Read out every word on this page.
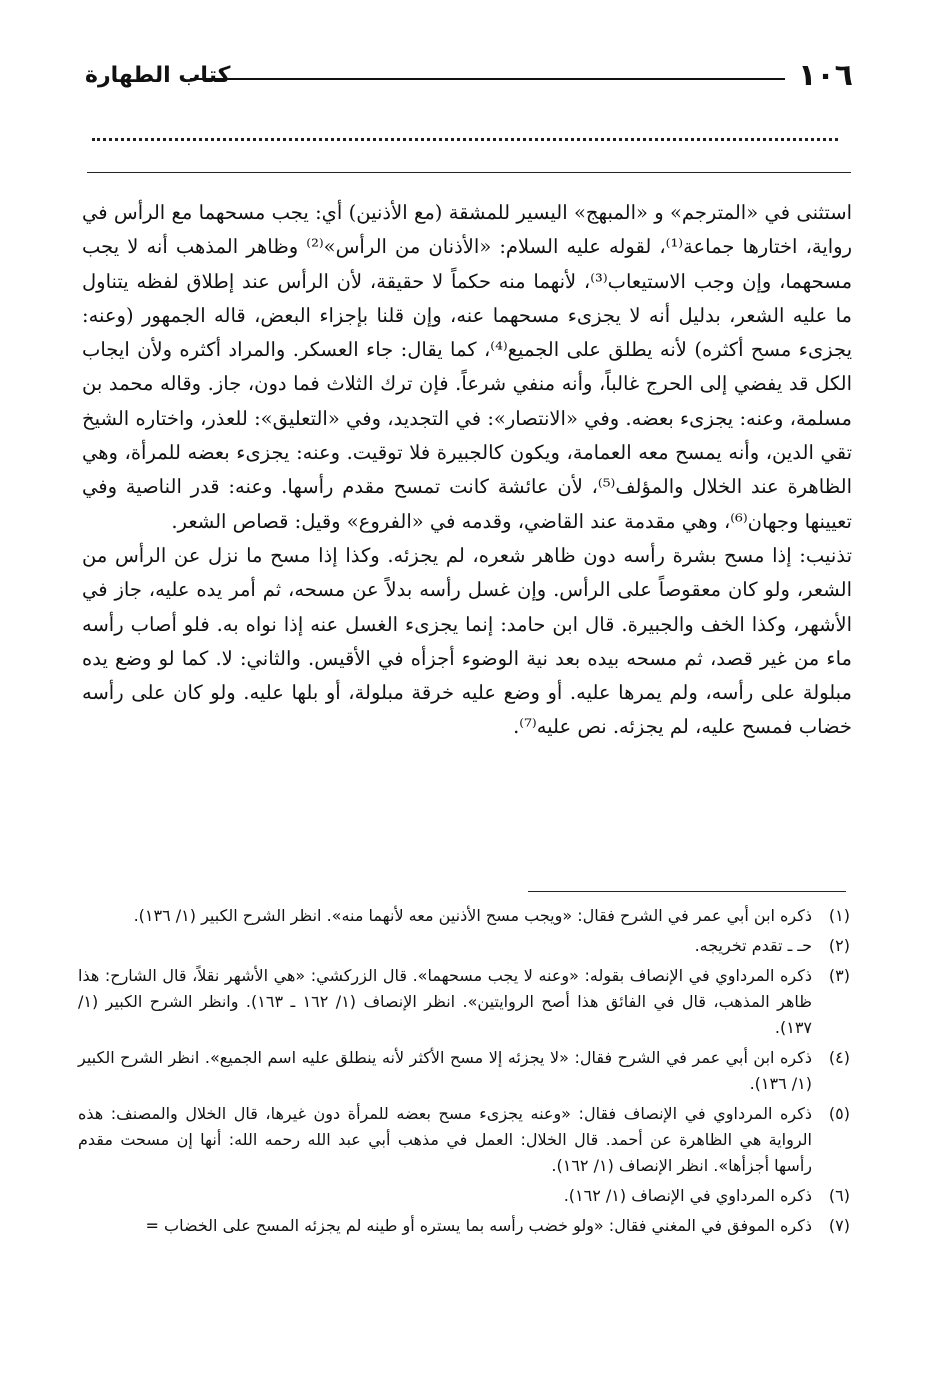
١٠٦
كتاب الطهارة

استثنى في «المترجم» و «المبهج» اليسير للمشقة (مع الأذنين) أي: يجب مسحهما مع الرأس في رواية، اختارها جماعة⁽¹⁾، لقوله عليه السلام: «الأذنان من الرأس»⁽²⁾ وظاهر المذهب أنه لا يجب مسحهما، وإن وجب الاستيعاب⁽³⁾، لأنهما منه حكماً لا حقيقة، لأن الرأس عند إطلاق لفظه يتناول ما عليه الشعر، بدليل أنه لا يجزىء مسحهما عنه، وإن قلنا بإجزاء البعض، قاله الجمهور (وعنه: يجزىء مسح أكثره) لأنه يطلق على الجميع⁽⁴⁾، كما يقال: جاء العسكر. والمراد أكثره ولأن ايجاب الكل قد يفضي إلى الحرج غالباً، وأنه منفي شرعاً. فإن ترك الثلاث فما دون، جاز. وقاله محمد بن مسلمة، وعنه: يجزىء بعضه. وفي «الانتصار»: في التجديد، وفي «التعليق»: للعذر، واختاره الشيخ تقي الدين، وأنه يمسح معه العمامة، ويكون كالجبيرة فلا توقيت. وعنه: يجزىء بعضه للمرأة، وهي الظاهرة عند الخلال والمؤلف⁽⁵⁾، لأن عائشة كانت تمسح مقدم رأسها. وعنه: قدر الناصية وفي تعيينها وجهان⁽⁶⁾، وهي مقدمة عند القاضي، وقدمه في «الفروع» وقيل: قصاص الشعر.

تذنيب: إذا مسح بشرة رأسه دون ظاهر شعره، لم يجزئه. وكذا إذا مسح ما نزل عن الرأس من الشعر، ولو كان معقوصاً على الرأس. وإن غسل رأسه بدلاً عن مسحه، ثم أمر يده عليه، جاز في الأشهر، وكذا الخف والجبيرة. قال ابن حامد: إنما يجزىء الغسل عنه إذا نواه به. فلو أصاب رأسه ماء من غير قصد، ثم مسحه بيده بعد نية الوضوء أجزأه في الأقيس. والثاني: لا. كما لو وضع يده مبلولة على رأسه، ولم يمرها عليه. أو وضع عليه خرقة مبلولة، أو بلها عليه. ولو كان على رأسه خضاب فمسح عليه، لم يجزئه. نص عليه⁽⁷⁾.

(١)
ذكره ابن أبي عمر في الشرح فقال: «ويجب مسح الأذنين معه لأنهما منه». انظر الشرح الكبير (١/ ١٣٦).
(٢)
حـ ـ تقدم تخريجه.
(٣)
ذكره المرداوي في الإنصاف بقوله: «وعنه لا يجب مسحهما». قال الزركشي: «هي الأشهر نقلاً، قال الشارح: هذا ظاهر المذهب، قال في الفائق هذا أصح الروايتين». انظر الإنصاف (١/ ١٦٢ ـ ١٦٣). وانظر الشرح الكبير (١/ ١٣٧).
(٤)
ذكره ابن أبي عمر في الشرح فقال: «لا يجزئه إلا مسح الأكثر لأنه ينطلق عليه اسم الجميع». انظر الشرح الكبير (١/ ١٣٦).
(٥)
ذكره المرداوي في الإنصاف فقال: «وعنه يجزىء مسح بعضه للمرأة دون غيرها، قال الخلال والمصنف: هذه الرواية هي الظاهرة عن أحمد. قال الخلال: العمل في مذهب أبي عبد الله رحمه الله: أنها إن مسحت مقدم رأسها أجزأها». انظر الإنصاف (١/ ١٦٢).
(٦)
ذكره المرداوي في الإنصاف (١/ ١٦٢).
(٧)
ذكره الموفق في المغني فقال: «ولو خضب رأسه بما يستره أو طينه لم يجزئه المسح على الخضاب =
